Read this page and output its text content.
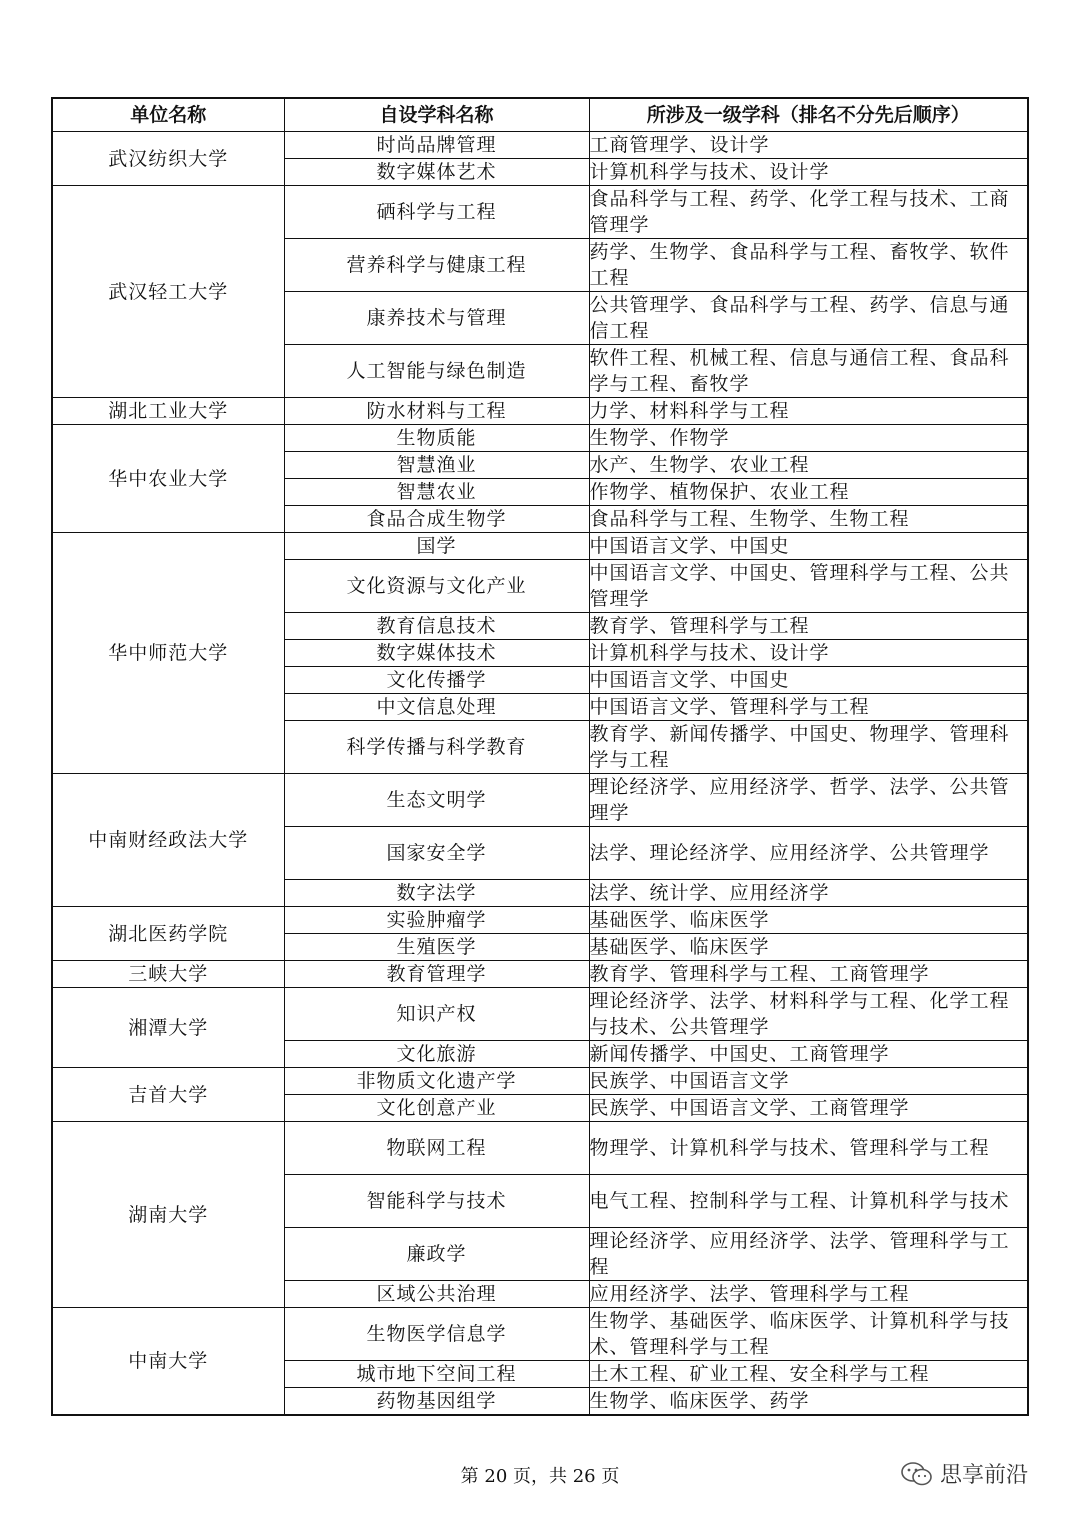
单位名称	自设学科名称	所涉及一级学科（排名不分先后顺序）
武汉纺织大学	时尚品牌管理	工商管理学、设计学
	数字媒体艺术	计算机科学与技术、设计学
武汉轻工大学	硒科学与工程	食品科学与工程、药学、化学工程与技术、工商管理学
	营养科学与健康工程	药学、生物学、食品科学与工程、畜牧学、软件工程
	康养技术与管理	公共管理学、食品科学与工程、药学、信息与通信工程
	人工智能与绿色制造	软件工程、机械工程、信息与通信工程、食品科学与工程、畜牧学
湖北工业大学	防水材料与工程	力学、材料科学与工程
华中农业大学	生物质能	生物学、作物学
	智慧渔业	水产、生物学、农业工程
	智慧农业	作物学、植物保护、农业工程
	食品合成生物学	食品科学与工程、生物学、生物工程
华中师范大学	国学	中国语言文学、中国史
	文化资源与文化产业	中国语言文学、中国史、管理科学与工程、公共管理学
	教育信息技术	教育学、管理科学与工程
	数字媒体技术	计算机科学与技术、设计学
	文化传播学	中国语言文学、中国史
	中文信息处理	中国语言文学、管理科学与工程
	科学传播与科学教育	教育学、新闻传播学、中国史、物理学、管理科学与工程
中南财经政法大学	生态文明学	理论经济学、应用经济学、哲学、法学、公共管理学
	国家安全学	法学、理论经济学、应用经济学、公共管理学
	数字法学	法学、统计学、应用经济学
湖北医药学院	实验肿瘤学	基础医学、临床医学
	生殖医学	基础医学、临床医学
三峡大学	教育管理学	教育学、管理科学与工程、工商管理学
湘潭大学	知识产权	理论经济学、法学、材料科学与工程、化学工程与技术、公共管理学
	文化旅游	新闻传播学、中国史、工商管理学
吉首大学	非物质文化遗产学	民族学、中国语言文学
	文化创意产业	民族学、中国语言文学、工商管理学
湖南大学	物联网工程	物理学、计算机科学与技术、管理科学与工程
	智能科学与技术	电气工程、控制科学与工程、计算机科学与技术
	廉政学	理论经济学、应用经济学、法学、管理科学与工程
	区域公共治理	应用经济学、法学、管理科学与工程
中南大学	生物医学信息学	生物学、基础医学、临床医学、计算机科学与技术、管理科学与工程
	城市地下空间工程	土木工程、矿业工程、安全科学与工程
	药物基因组学	生物学、临床医学、药学
第 20 页，共 26 页	思享前沿
